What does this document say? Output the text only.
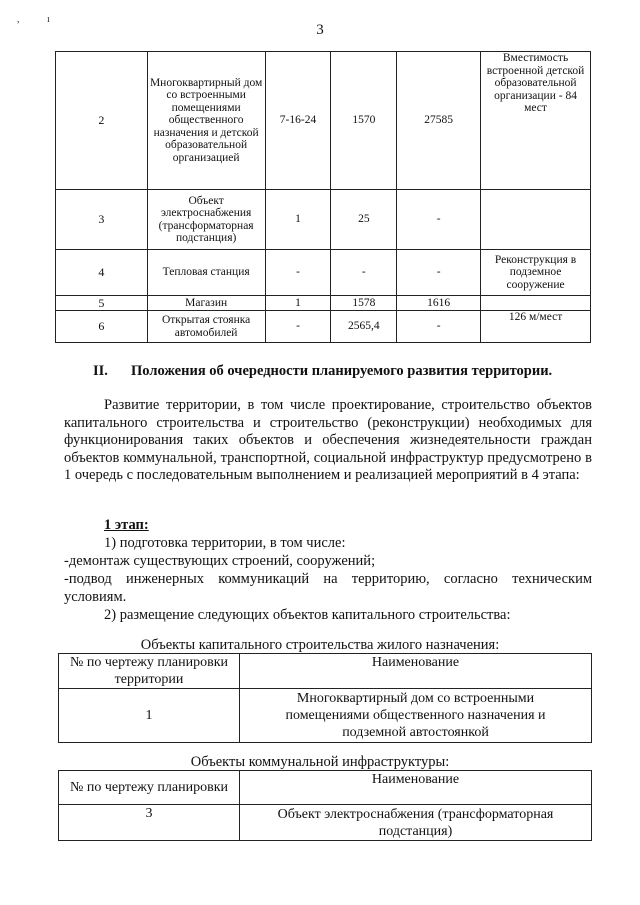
,	ı
3
2	Многоквартирный дом со встроенными помещениями общественного назначения и детской образовательной организацией	7-16-24	1570	27585	Вместимость встроенной детской образовательной организации - 84 мест
3	Объект электроснабжения (трансформаторная подстанция)	1	25	-	
4	Тепловая станция	-	-	-	Реконструкция в подземное сооружение
5	Магазин	1	1578	1616	
6	Открытая стоянка автомобилей	-	2565,4	-	126 м/мест
II. Положения об очередности планируемого развития территории.
Развитие территории, в том числе проектирование, строительство объектов капитального строительства и строительство (реконструкции) необходимых для функционирования таких объектов и обеспечения жизнедеятельности граждан объектов коммунальной, транспортной, социальной инфраструктур предусмотрено в 1 очередь с последовательным выполнением и реализацией мероприятий в 4 этапа:
1 этап:
1) подготовка территории, в том числе:
-демонтаж существующих строений, сооружений;
-подвод инженерных коммуникаций на территорию, согласно техническим
условиям.
2) размещение следующих объектов капитального строительства:
Объекты капитального строительства жилого назначения:
№ по чертежу планировки территории	Наименование
1	Многоквартирный дом со встроенными помещениями общественного назначения и подземной автостоянкой
Объекты коммунальной инфраструктуры:
№ по чертежу планировки	Наименование
3	Объект электроснабжения (трансформаторная подстанция)
